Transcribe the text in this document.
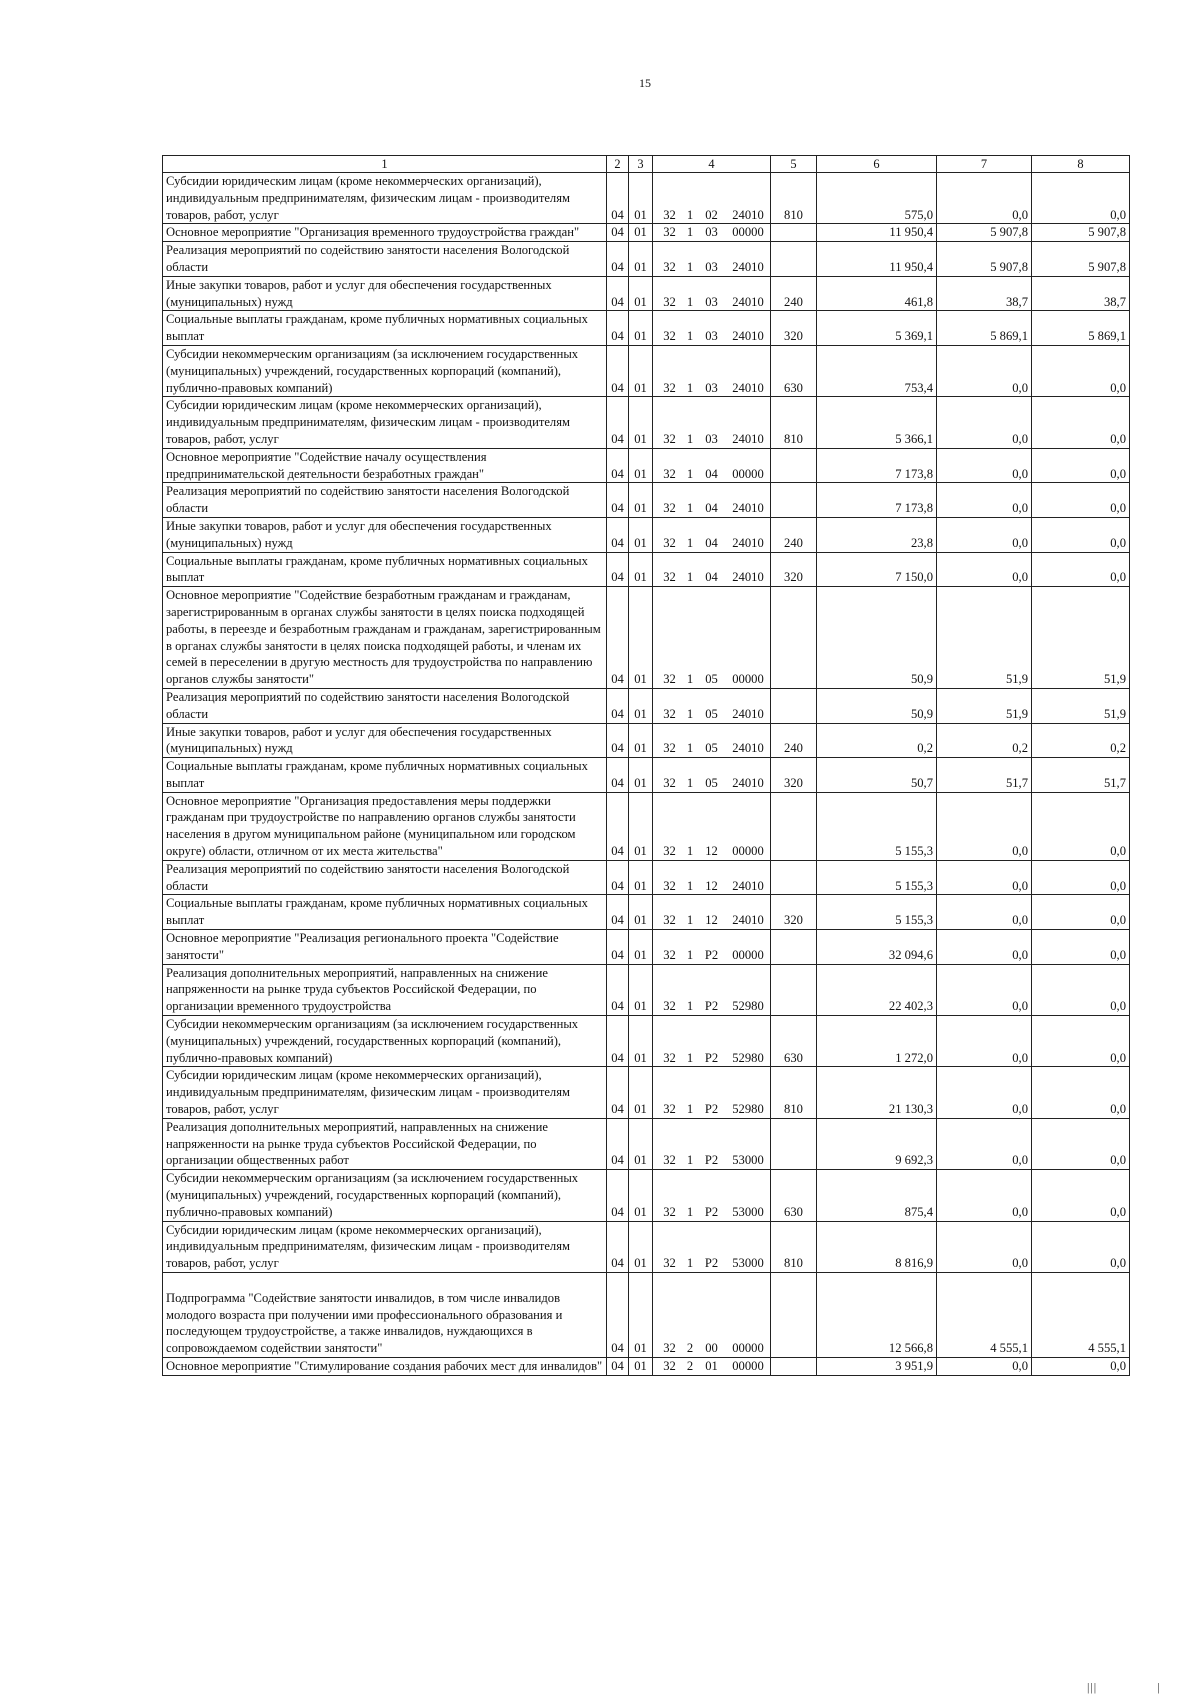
15
1	2	3	4	5	6	7	8
Субсидии юридическим лицам (кроме некоммерческих организаций), индивидуальным предпринимателям, физическим лицам - производителям товаров, работ, услуг	04	01	32 1 02 24010	810	575,0	0,0	0,0
Основное мероприятие "Организация временного трудоустройства граждан"	04	01	32 1 03 00000		11 950,4	5 907,8	5 907,8
Реализация мероприятий по содействию занятости населения Вологодской области	04	01	32 1 03 24010		11 950,4	5 907,8	5 907,8
Иные закупки товаров, работ и услуг для обеспечения государственных (муниципальных) нужд	04	01	32 1 03 24010	240	461,8	38,7	38,7
Социальные выплаты гражданам, кроме публичных нормативных социальных выплат	04	01	32 1 03 24010	320	5 369,1	5 869,1	5 869,1
Субсидии некоммерческим организациям (за исключением государственных (муниципальных) учреждений, государственных корпораций (компаний), публично-правовых компаний)	04	01	32 1 03 24010	630	753,4	0,0	0,0
Субсидии юридическим лицам (кроме некоммерческих организаций), индивидуальным предпринимателям, физическим лицам - производителям товаров, работ, услуг	04	01	32 1 03 24010	810	5 366,1	0,0	0,0
Основное мероприятие "Содействие началу осуществления предпринимательской деятельности безработных граждан"	04	01	32 1 04 00000		7 173,8	0,0	0,0
Реализация мероприятий по содействию занятости населения Вологодской области	04	01	32 1 04 24010		7 173,8	0,0	0,0
Иные закупки товаров, работ и услуг для обеспечения государственных (муниципальных) нужд	04	01	32 1 04 24010	240	23,8	0,0	0,0
Социальные выплаты гражданам, кроме публичных нормативных социальных выплат	04	01	32 1 04 24010	320	7 150,0	0,0	0,0
Основное мероприятие "Содействие безработным гражданам и гражданам, зарегистрированным в органах службы занятости в целях поиска подходящей работы, в переезде и безработным гражданам и гражданам, зарегистрированным в органах службы занятости в целях поиска подходящей работы, и членам их семей в переселении в другую местность для трудоустройства по направлению органов службы занятости"	04	01	32 1 05 00000		50,9	51,9	51,9
Реализация мероприятий по содействию занятости населения Вологодской области	04	01	32 1 05 24010		50,9	51,9	51,9
Иные закупки товаров, работ и услуг для обеспечения государственных (муниципальных) нужд	04	01	32 1 05 24010	240	0,2	0,2	0,2
Социальные выплаты гражданам, кроме публичных нормативных социальных выплат	04	01	32 1 05 24010	320	50,7	51,7	51,7
Основное мероприятие "Организация предоставления меры поддержки гражданам при трудоустройстве по направлению органов службы занятости населения в другом муниципальном районе (муниципальном или городском округе) области, отличном от их места жительства"	04	01	32 1 12 00000		5 155,3	0,0	0,0
Реализация мероприятий по содействию занятости населения Вологодской области	04	01	32 1 12 24010		5 155,3	0,0	0,0
Социальные выплаты гражданам, кроме публичных нормативных социальных выплат	04	01	32 1 12 24010	320	5 155,3	0,0	0,0
Основное мероприятие "Реализация регионального проекта "Содействие занятости"	04	01	32 1 P2 00000		32 094,6	0,0	0,0
Реализация дополнительных мероприятий, направленных на снижение напряженности на рынке труда субъектов Российской Федерации, по организации временного трудоустройства	04	01	32 1 P2 52980		22 402,3	0,0	0,0
Субсидии некоммерческим организациям (за исключением государственных (муниципальных) учреждений, государственных корпораций (компаний), публично-правовых компаний)	04	01	32 1 P2 52980	630	1 272,0	0,0	0,0
Субсидии юридическим лицам (кроме некоммерческих организаций), индивидуальным предпринимателям, физическим лицам - производителям товаров, работ, услуг	04	01	32 1 P2 52980	810	21 130,3	0,0	0,0
Реализация дополнительных мероприятий, направленных на снижение напряженности на рынке труда субъектов Российской Федерации, по организации общественных работ	04	01	32 1 P2 53000		9 692,3	0,0	0,0
Субсидии некоммерческим организациям (за исключением государственных (муниципальных) учреждений, государственных корпораций (компаний), публично-правовых компаний)	04	01	32 1 P2 53000	630	875,4	0,0	0,0
Субсидии юридическим лицам (кроме некоммерческих организаций), индивидуальным предпринимателям, физическим лицам - производителям товаров, работ, услуг	04	01	32 1 P2 53000	810	8 816,9	0,0	0,0

Подпрограмма "Содействие занятости инвалидов, в том числе инвалидов молодого возраста при получении ими профессионального образования и последующем трудоустройстве, а также инвалидов, нуждающихся в сопровождаемом содействии занятости"	04	01	32 2 00 00000		12 566,8	4 555,1	4 555,1
Основное мероприятие "Стимулирование создания рабочих мест для инвалидов"	04	01	32 2 01 00000		3 951,9	0,0	0,0
|||               |
